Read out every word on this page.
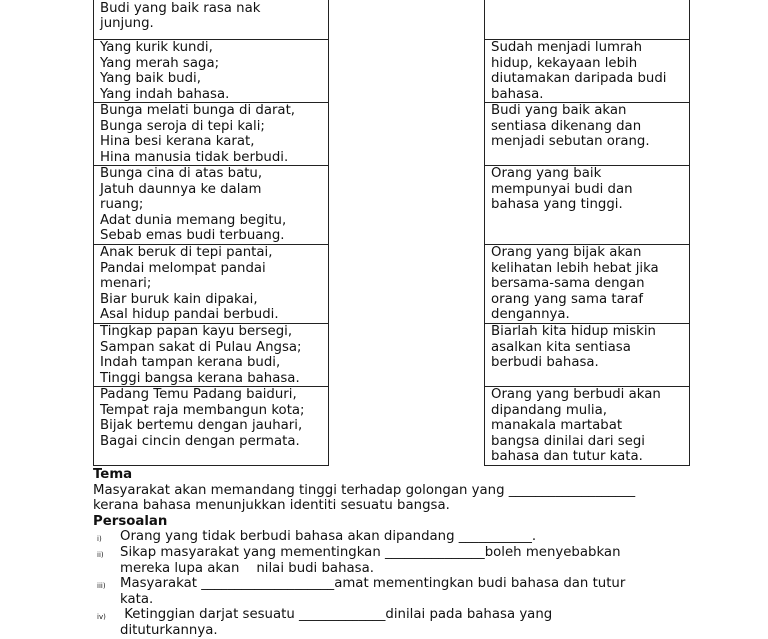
Budi yang baik rasa nak
junjung.
Yang kurik kundi,
Yang merah saga;
Yang baik budi,
Yang indah bahasa.
Bunga melati bunga di darat,
Bunga seroja di tepi kali;
Hina besi kerana karat,
Hina manusia tidak berbudi.
Bunga cina di atas batu,
Jatuh daunnya ke dalam
ruang;
Adat dunia memang begitu,
Sebab emas budi terbuang.
Anak beruk di tepi pantai,
Pandai melompat pandai
menari;
Biar buruk kain dipakai,
Asal hidup pandai berbudi.
Tingkap papan kayu bersegi,
Sampan sakat di Pulau Angsa;
Indah tampan kerana budi,
Tinggi bangsa kerana bahasa.
Padang Temu Padang baiduri,
Tempat raja membangun kota;
Bijak bertemu dengan jauhari,
Bagai cincin dengan permata.
Sudah menjadi lumrah
hidup, kekayaan lebih
diutamakan daripada budi
bahasa.
Budi yang baik akan
sentiasa dikenang dan
menjadi sebutan orang.
Orang yang baik
mempunyai budi dan
bahasa yang tinggi.
Orang yang bijak akan
kelihatan lebih hebat jika
bersama-sama dengan
orang yang sama taraf
dengannya.
Biarlah kita hidup miskin
asalkan kita sentiasa
berbudi bahasa.
Orang yang berbudi akan
dipandang mulia,
manakala martabat
bangsa dinilai dari segi
bahasa dan tutur kata.
Tema
Masyarakat akan memandang tinggi terhadap golongan yang ___________________
kerana bahasa menunjukkan identiti sesuatu bangsa.
Persoalan
i) Orang yang tidak berbudi bahasa akan dipandang ___________.
ii) Sikap masyarakat yang mementingkan _______________boleh menyebabkan
mereka lupa akan    nilai budi bahasa.
iii) Masyarakat ____________________amat mementingkan budi bahasa dan tutur
kata.
iv) Ketinggian darjat sesuatu _____________dinilai pada bahasa yang
dituturkannya.
